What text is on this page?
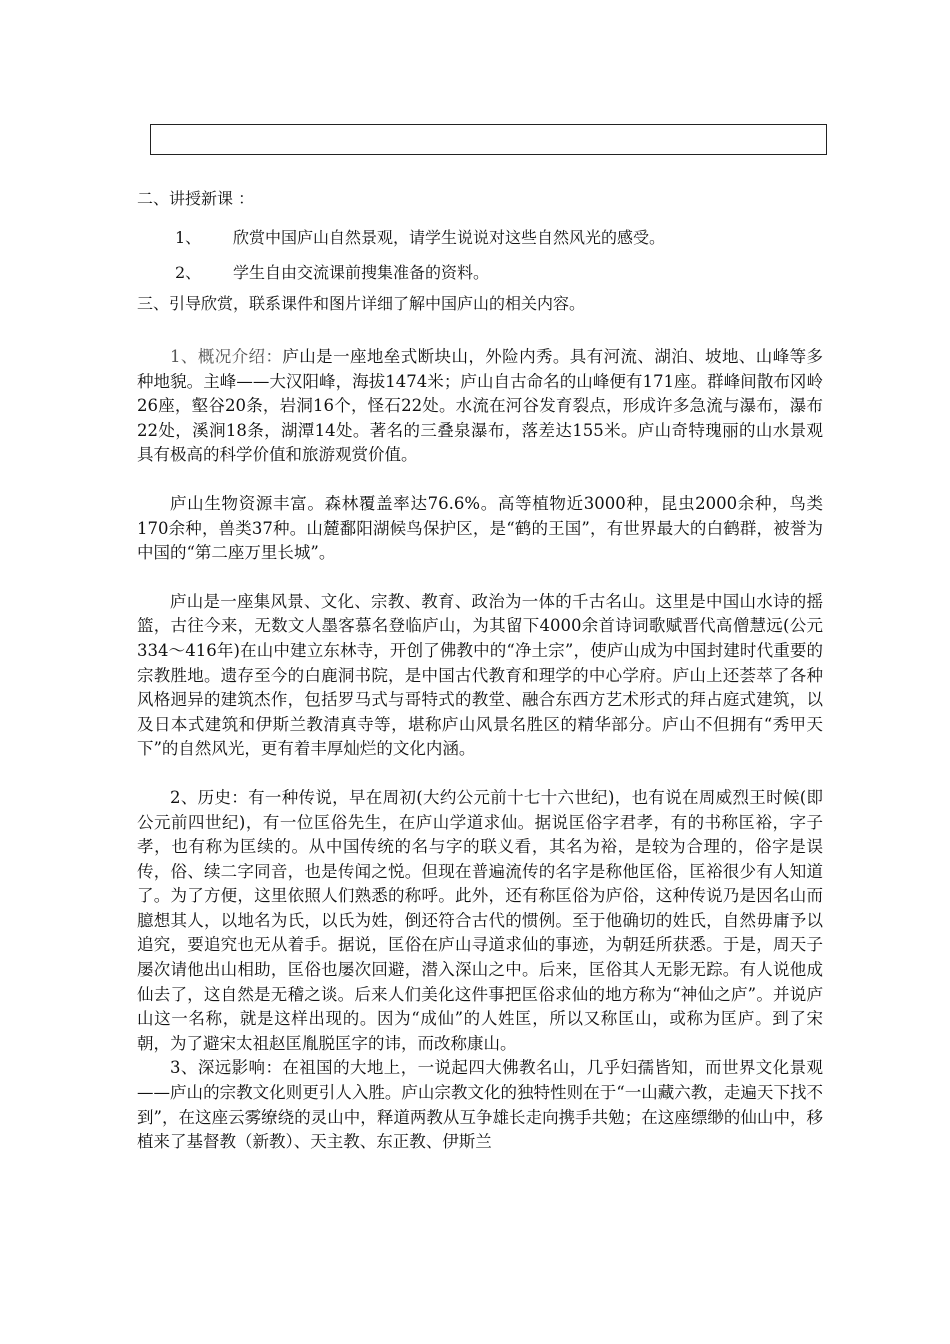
二、讲授新课 ：
1、 欣赏中国庐山自然景观，请学生说说对这些自然风光的感受。
2、 学生自由交流课前搜集准备的资料。
三、引导欣赏，联系课件和图片详细了解中国庐山的相关内容。

1、概况介绍：庐山是一座地垒式断块山，外险内秀。具有河流、湖泊、坡地、山峰等多种地貌。主峰——大汉阳峰，海拔1474米；庐山自古命名的山峰便有171座。群峰间散布冈岭26座，壑谷20条，岩洞16个，怪石22处。水流在河谷发育裂点，形成许多急流与瀑布，瀑布22处，溪涧18条，湖潭14处。著名的三叠泉瀑布，落差达155米。庐山奇特瑰丽的山水景观具有极高的科学价值和旅游观赏价值。

庐山生物资源丰富。森林覆盖率达76.6%。高等植物近3000种，昆虫2000余种，鸟类170余种，兽类37种。山麓鄱阳湖候鸟保护区，是“鹤的王国”，有世界最大的白鹤群，被誉为中国的“第二座万里长城”。

庐山是一座集风景、文化、宗教、教育、政治为一体的千古名山。这里是中国山水诗的摇篮，古往今来，无数文人墨客慕名登临庐山，为其留下4000余首诗词歌赋晋代高僧慧远(公元334～416年)在山中建立东林寺，开创了佛教中的“净土宗”，使庐山成为中国封建时代重要的宗教胜地。遗存至今的白鹿洞书院，是中国古代教育和理学的中心学府。庐山上还荟萃了各种风格迥异的建筑杰作，包括罗马式与哥特式的教堂、融合东西方艺术形式的拜占庭式建筑，以及日本式建筑和伊斯兰教清真寺等，堪称庐山风景名胜区的精华部分。庐山不但拥有“秀甲天下”的自然风光，更有着丰厚灿烂的文化内涵。

2、历史：有一种传说，早在周初(大约公元前十七十六世纪)，也有说在周威烈王时候(即公元前四世纪)，有一位匡俗先生，在庐山学道求仙。据说匡俗字君孝，有的书称匡裕，字子孝，也有称为匡续的。从中国传统的名与字的联义看，其名为裕，是较为合理的，俗字是误传，俗、续二字同音，也是传闻之悦。但现在普遍流传的名字是称他匡俗，匡裕很少有人知道了。为了方便，这里依照人们熟悉的称呼。此外，还有称匡俗为庐俗，这种传说乃是因名山而臆想其人，以地名为氏，以氏为姓，倒还符合古代的惯例。至于他确切的姓氏，自然毋庸予以追究，要追究也无从着手。据说，匡俗在庐山寻道求仙的事迹，为朝廷所获悉。于是，周天子屡次请他出山相助，匡俗也屡次回避，潜入深山之中。后来，匡俗其人无影无踪。有人说他成仙去了，这自然是无稽之谈。后来人们美化这件事把匡俗求仙的地方称为“神仙之庐”。并说庐山这一名称，就是这样出现的。因为“成仙”的人姓匡，所以又称匡山，或称为匡庐。到了宋朝，为了避宋太祖赵匡胤脱匡字的讳，而改称康山。

3、深远影响：在祖国的大地上，一说起四大佛教名山，几乎妇孺皆知，而世界文化景观——庐山的宗教文化则更引人入胜。庐山宗教文化的独特性则在于“一山藏六教，走遍天下找不到”，在这座云雾缭绕的灵山中，释道两教从互争雄长走向携手共勉；在这座缥缈的仙山中，移植来了基督教（新教）、天主教、东正教、伊斯兰
